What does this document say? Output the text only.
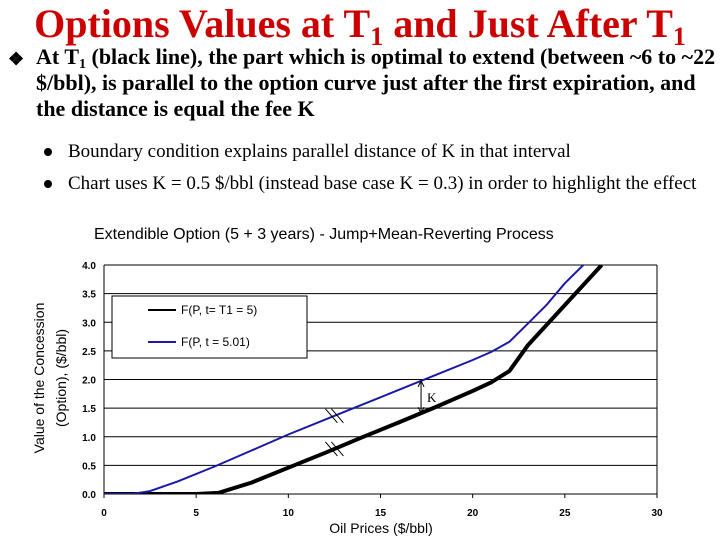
Options Values at $T_1$ and Just After $T_1$
❖ At $T_1$ (black line), the part which is optimal to extend (between ~6 to ~22 $/bbl), is parallel to the option curve just after the first expiration, and the distance is equal the fee K
Boundary condition explains parallel distance of K in that interval
Chart uses K = 0.5 $/bbl (instead base case K = 0.3) in order to highlight the effect
Extendible Option (5 + 3 years) - Jump+Mean-Reverting Process
0.0
0.5
1.0
1.5
2.0
2.5
3.0
3.5
4.0
0	5	10	15	20	25	30
Oil Prices ($/bbl)
Value of the Concession (Option), ($/bbl)
F(P, t= T1 = 5)
F(P, t = 5.01)
K
